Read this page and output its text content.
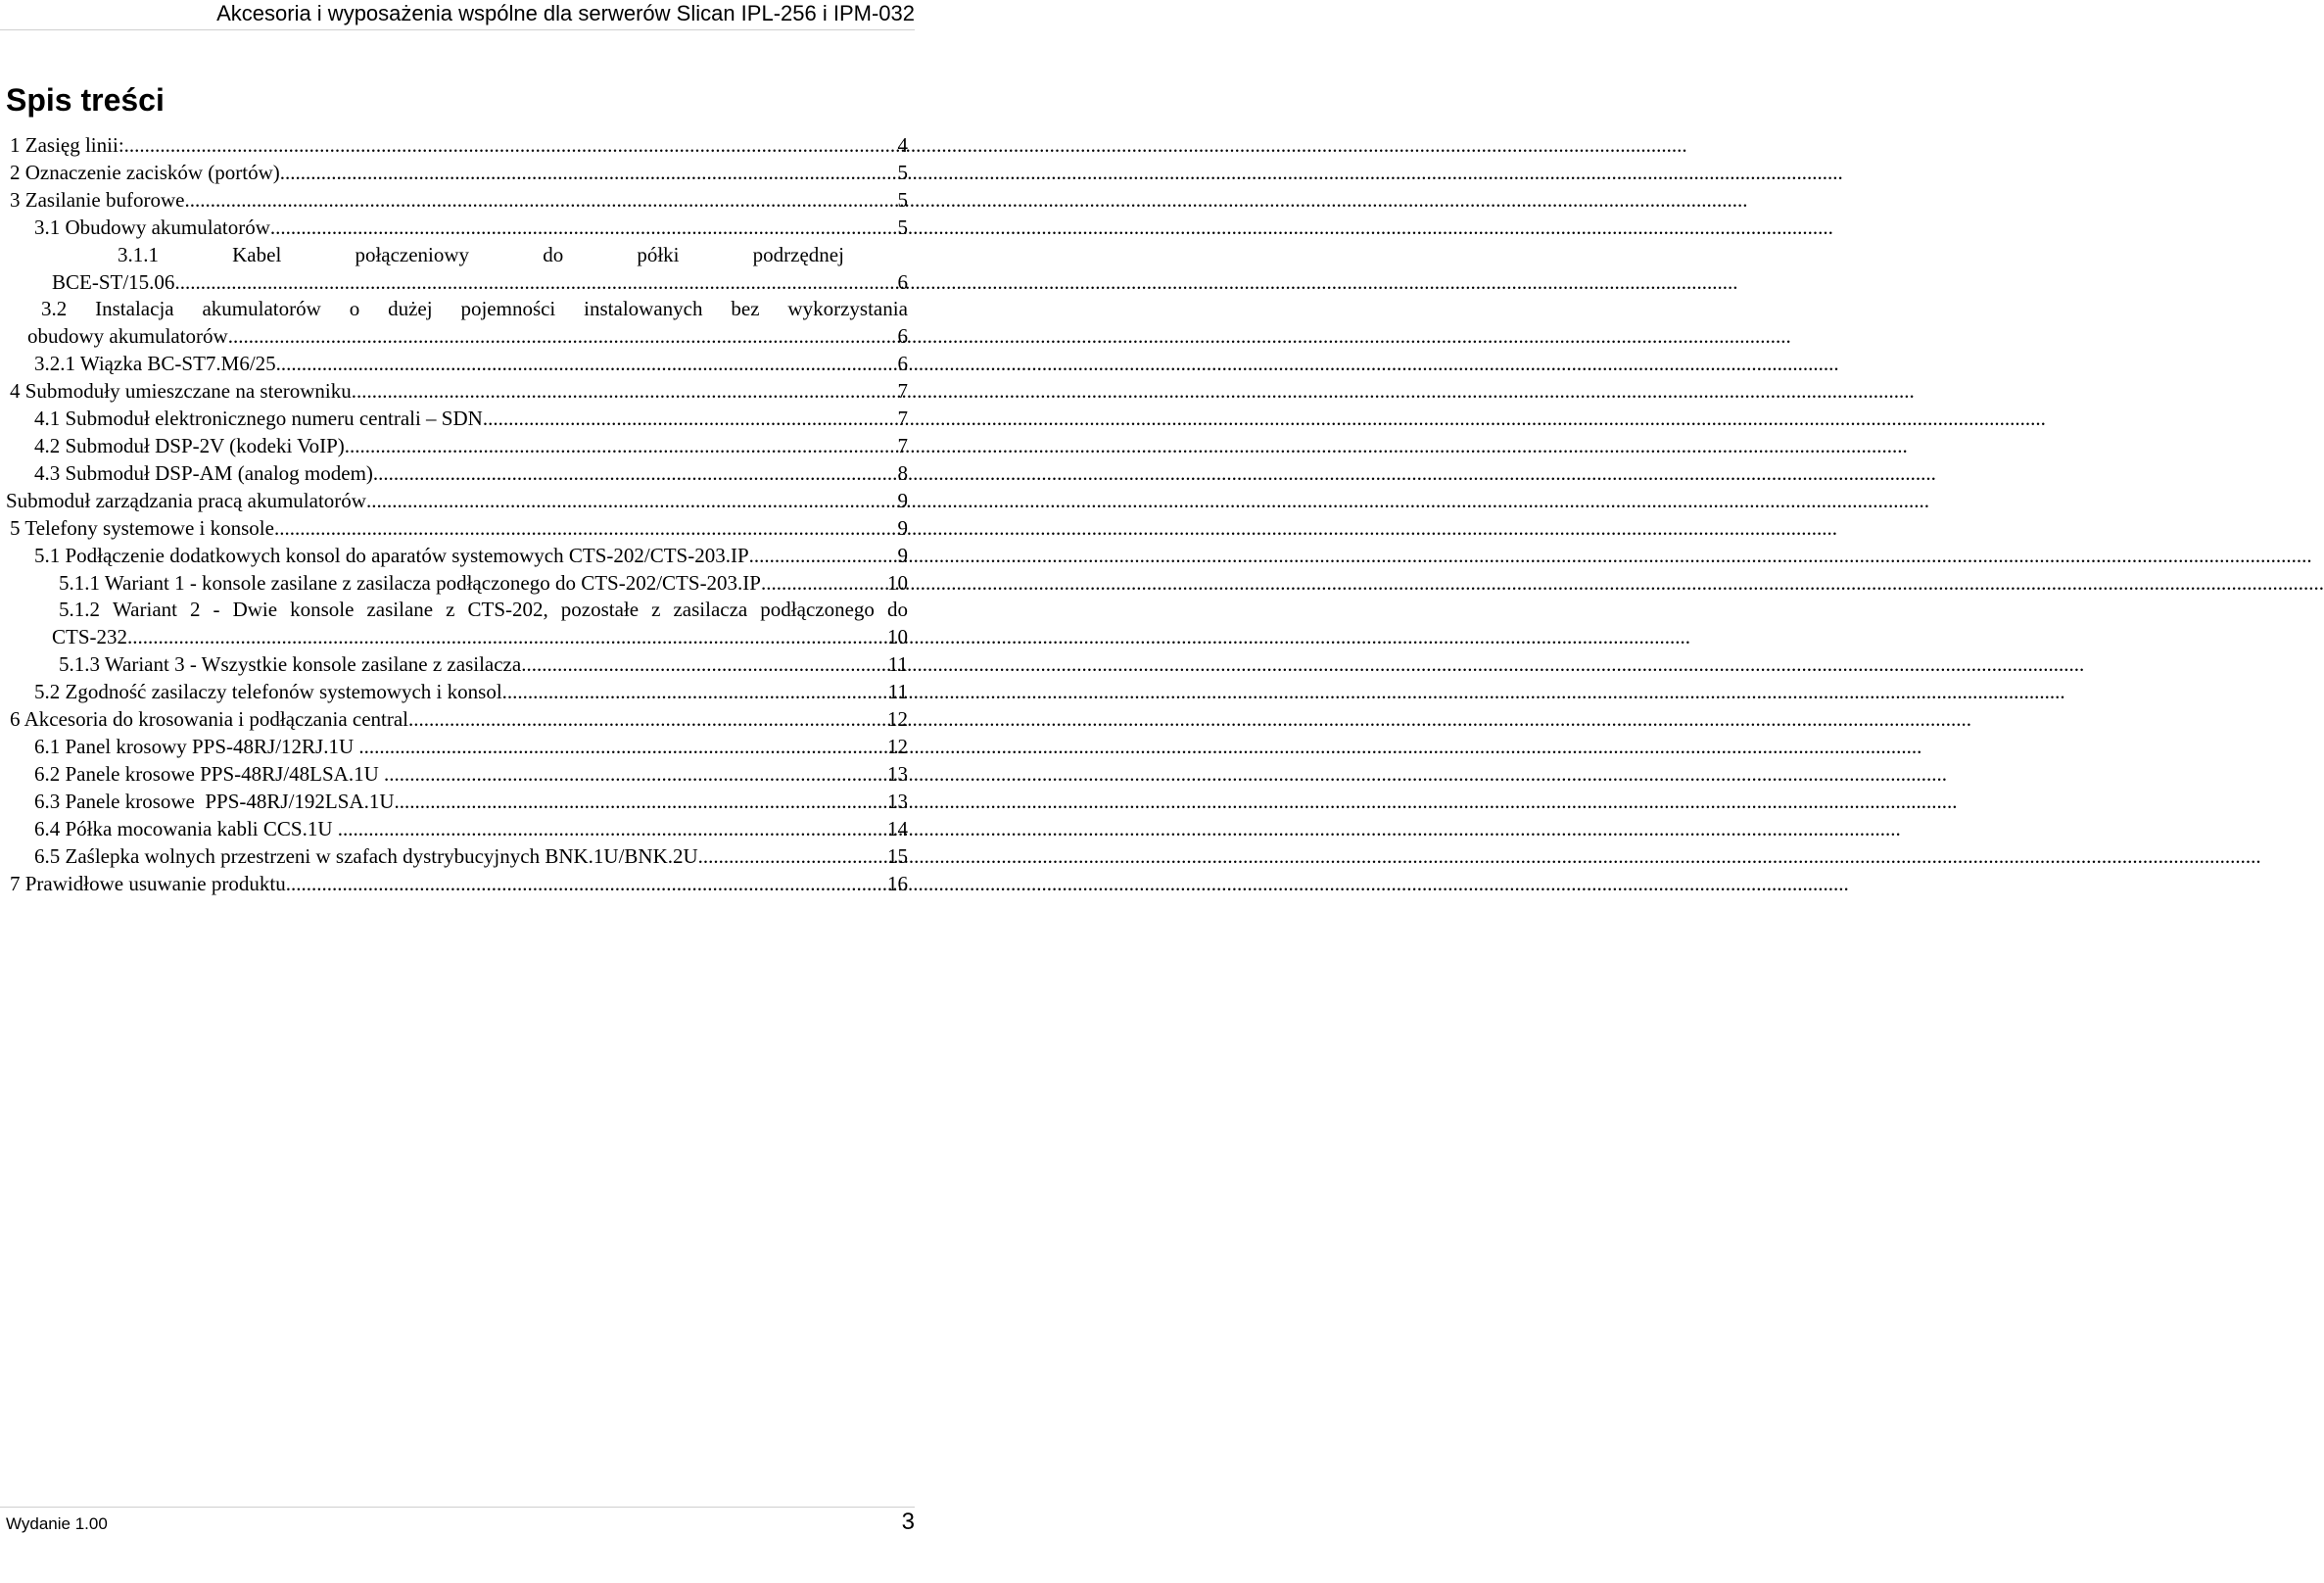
Akcesoria i wyposażenia wspólne dla serwerów Slican IPL-256 i IPM-032
Spis treści
1 Zasięg linii: .....	4
2 Oznaczenie zacisków (portów) .....	5
3 Zasilanie buforowe .....	5
3.1 Obudowy akumulatorów .....	5
3.1.1	Kabel	połączeniowy	do	półki	podrzędnej
BCE-ST/15.06 .....	6
3.2 Instalacja akumulatorów o dużej pojemności instalowanych bez wykorzystania
obudowy akumulatorów .....	6
3.2.1 Wiązka BC-ST7.M6/25 .....	6
4 Submoduły umieszczane na sterowniku .....	7
4.1 Submoduł elektronicznego numeru centrali – SDN .....	7
4.2 Submoduł DSP-2V (kodeki VoIP) .....	7
4.3 Submoduł DSP-AM (analog modem) .....	8
Submoduł zarządzania pracą akumulatorów .....	9
5 Telefony systemowe i konsole .....	9
5.1 Podłączenie dodatkowych konsol do aparatów systemowych CTS-202/CTS-203.IP .....	9
5.1.1 Wariant 1 - konsole zasilane z zasilacza podłączonego do CTS-202/CTS-203.IP .....	10
5.1.2 Wariant 2 - Dwie konsole zasilane z CTS-202, pozostałe z zasilacza podłączonego do
CTS-232 .....	10
5.1.3 Wariant 3 - Wszystkie konsole zasilane z zasilacza .....	11
5.2 Zgodność zasilaczy telefonów systemowych i konsol .....	11
6 Akcesoria do krosowania i podłączania central .....	12
6.1 Panel krosowy PPS-48RJ/12RJ.1U .....	12
6.2 Panele krosowe PPS-48RJ/48LSA.1U .....	13
6.3 Panele krosowe  PPS-48RJ/192LSA.1U .....	13
6.4 Półka mocowania kabli CCS.1U .....	14
6.5 Zaślepka wolnych przestrzeni w szafach dystrybucyjnych BNK.1U/BNK.2U .....	15
7 Prawidłowe usuwanie produktu .....	16
Wydanie 1.00	3
